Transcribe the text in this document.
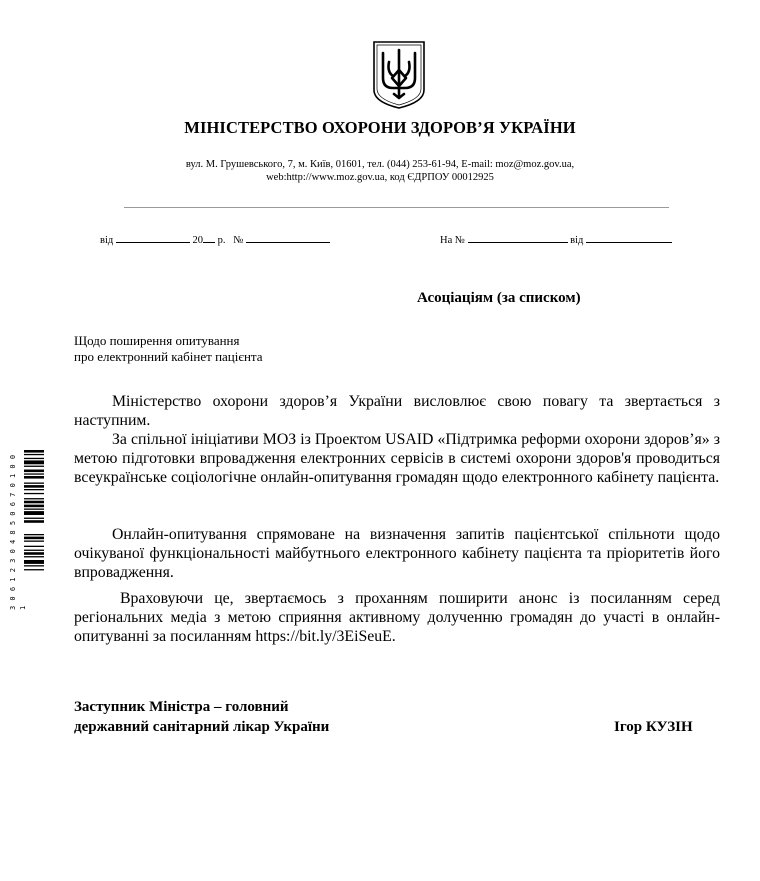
МІНІСТЕРСТВО ОХОРОНИ ЗДОРОВ’Я УКРАЇНИ
вул. М. Грушевського, 7, м. Київ, 01601, тел. (044) 253-61-94, E-mail: moz@moz.gov.ua,
web:http://www.moz.gov.ua, код ЄДРПОУ 00012925
від	20 р. №	На №	від
Асоціаціям (за списком)
Щодо поширення опитування
про електронний кабінет пацієнта

Міністерство охорони здоров’я України висловлює свою повагу та звертається з наступним.

За спільної ініціативи МОЗ із Проектом USAID «Підтримка реформи охорони здоров’я» з метою підготовки впровадження електронних сервісів в системі охорони здоров'я проводиться всеукраїнське соціологічне онлайн-опитування громадян щодо електронного кабінету пацієнта.

Онлайн-опитування спрямоване на визначення запитів пацієнтської спільноти щодо очікуваної функціональності майбутнього електронного кабінету пацієнта та пріоритетів його впровадження.

Враховуючи це, звертаємось з проханням поширити анонс із посиланням серед регіональних медіа з метою сприяння активному долученню громадян до участі в онлайн-опитуванні за посиланням https://bit.ly/3EiSeuE.

Заступник Міністра – головний
державний санітарний лікар України	Ігор КУЗІН
3 0 6 1 2 3 0 4 8 5 0 6 7 0 1 0 0 1
